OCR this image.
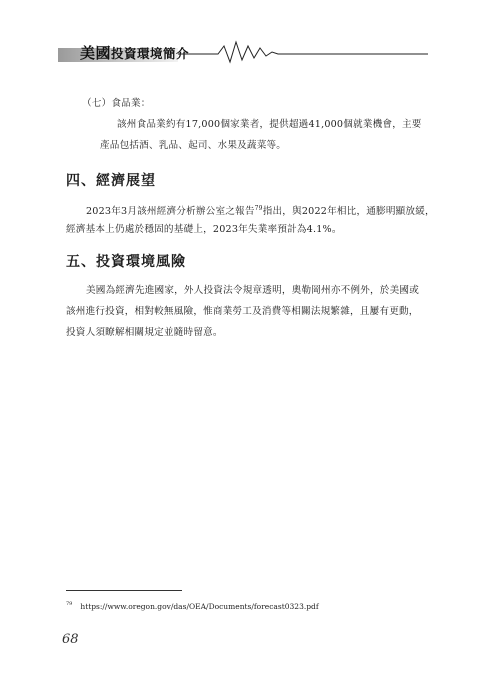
美國投資環境簡介
（七）食品業：
該州食品業約有17,000個家業者，提供超過41,000個就業機會，主要
產品包括酒、乳品、起司、水果及蔬菜等。
四、經濟展望
2023年3月該州經濟分析辦公室之報告$^{79}$指出，與2022年相比，通膨明顯放緩，
經濟基本上仍處於穩固的基礎上，2023年失業率預計為4.1%。
五、投資環境風險
美國為經濟先進國家，外人投資法令規章透明，奧勒岡州亦不例外，於美國或
該州進行投資，相對較無風險，惟商業勞工及消費等相關法規繁雜，且屢有更動，
投資人須瞭解相關規定並隨時留意。
$^{79}$ https://www.oregon.gov/das/OEA/Documents/forecast0323.pdf
68
